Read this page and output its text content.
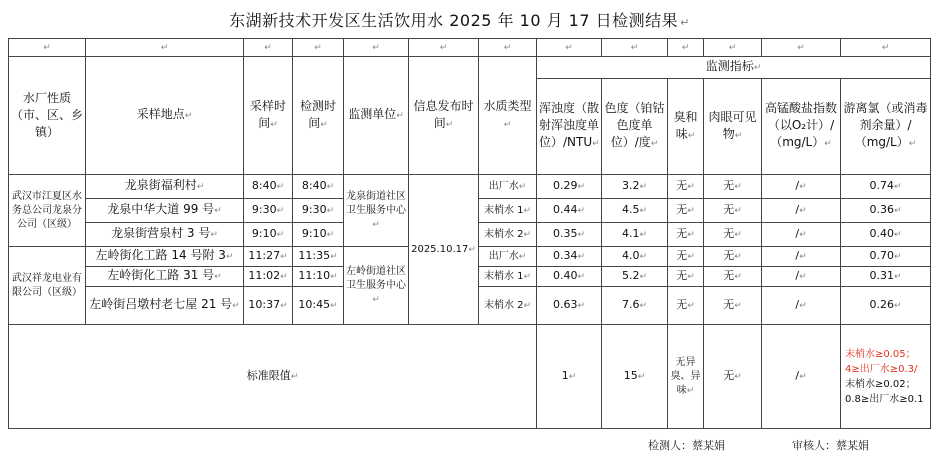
东湖新技术开发区生活饮用水 2025 年 10 月 17 日检测结果 ↵
↵	↵	↵	↵	↵	↵	↵	↵	↵	↵	↵	↵	↵
水厂性质（市、区、乡镇）	采样地点↵	采样时间↵	检测时间↵	监测单位↵	信息发布时间↵	水质类型↵	监测指标↵					
							浑浊度（散射浑浊度单位）/NTU↵	色度（铂钴色度单位）/度↵	臭和味↵	肉眼可见物↵	高锰酸盐指数（以O₂计）/（mg/L）↵	游离氯（或消毒剂余量）/（mg/L）↵
武汉市江夏区水务总公司龙泉分公司（区级）	龙泉街福利村↵	8:40↵	8:40↵	龙泉街道社区卫生服务中心↵	2025.10.17↵	出厂水↵	0.29↵	3.2↵	无↵	无↵	/↵	0.74↵
	龙泉中华大道 99 号↵	9:30↵	9:30↵			末梢水 1↵	0.44↵	4.5↵	无↵	无↵	/↵	0.36↵
	龙泉街营泉村 3 号↵	9:10↵	9:10↵			末梢水 2↵	0.35↵	4.1↵	无↵	无↵	/↵	0.40↵
武汉祥龙电业有限公司（区级）	左岭街化工路 14 号附 3↵	11:27↵	11:35↵	左岭街道社区卫生服务中心↵		出厂水↵	0.34↵	4.0↵	无↵	无↵	/↵	0.70↵
	左岭街化工路 31 号↵	11:02↵	11:10↵			末梢水 1↵	0.40↵	5.2↵	无↵	无↵	/↵	0.31↵
	左岭街吕墩村老七屋 21 号↵	10:37↵	10:45↵			末梢水 2↵	0.63↵	7.6↵	无↵	无↵	/↵	0.26↵
标准限值↵							1↵	15↵	无异臭、异味↵	无↵	/↵	末梢水≥0.05；4≥出厂水≥0.3/
末梢水≥0.02；0.8≥出厂水≥0.1
检测人：蔡某娟	审核人：蔡某娟
